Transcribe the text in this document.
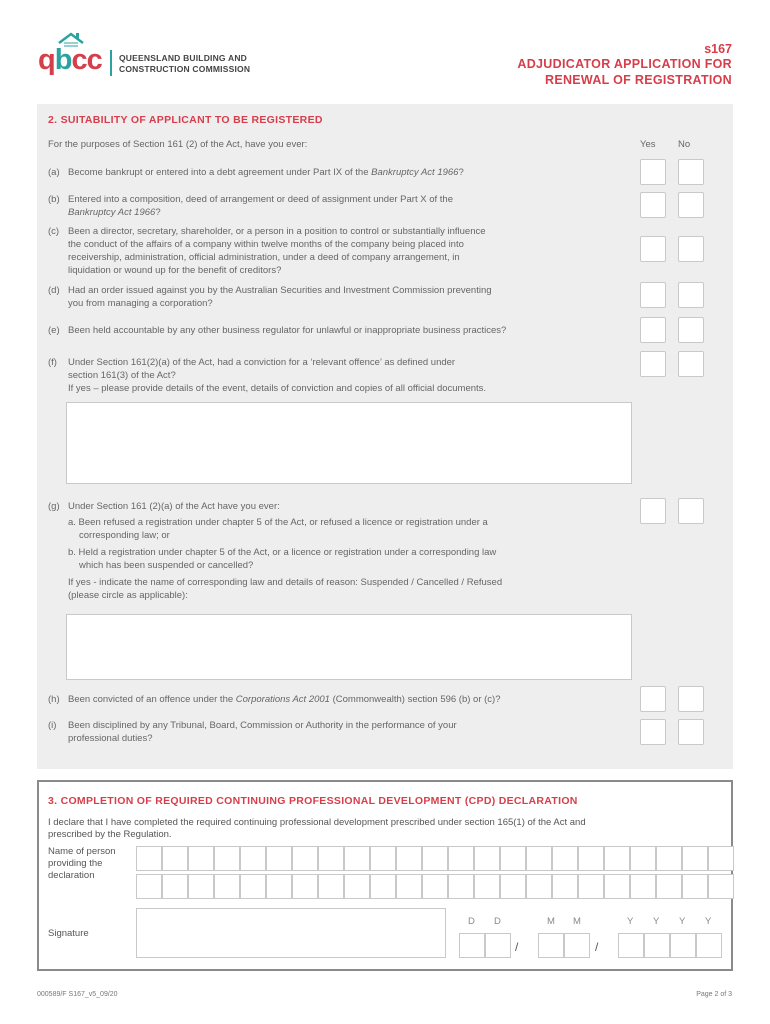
qbcc QUEENSLAND BUILDING AND
CONSTRUCTION COMMISSION
s167
ADJUDICATOR APPLICATION FOR
RENEWAL OF REGISTRATION
2. SUITABILITY OF APPLICANT TO BE REGISTERED
For the purposes of Section 161 (2) of the Act, have you ever:	Yes No
(a) Become bankrupt or entered into a debt agreement under Part IX of the Bankruptcy Act 1966?
(b) Entered into a composition, deed of arrangement or deed of assignment under Part X of the
Bankruptcy Act 1966?
(c) Been a director, secretary, shareholder, or a person in a position to control or substantially influence
the conduct of the affairs of a company within twelve months of the company being placed into
receivership, administration, official administration, under a deed of company arrangement, in
liquidation or wound up for the benefit of creditors?
(d) Had an order issued against you by the Australian Securities and Investment Commission preventing
you from managing a corporation?
(e) Been held accountable by any other business regulator for unlawful or inappropriate business practices?
(f) Under Section 161(2)(a) of the Act, had a conviction for a ‘relevant offence’ as defined under
section 161(3) of the Act?
If yes – please provide details of the event, details of conviction and copies of all official documents.
(g) Under Section 161 (2)(a) of the Act have you ever:
a. Been refused a registration under chapter 5 of the Act, or refused a licence or registration under a
corresponding law; or
b. Held a registration under chapter 5 of the Act, or a licence or registration under a corresponding law
which has been suspended or cancelled?
If yes - indicate the name of corresponding law and details of reason: Suspended / Cancelled / Refused
(please circle as applicable):
(h) Been convicted of an offence under the Corporations Act 2001 (Commonwealth) section 596 (b) or (c)?
(i) Been disciplined by any Tribunal, Board, Commission or Authority in the performance of your
professional duties?
3. COMPLETION OF REQUIRED CONTINUING PROFESSIONAL DEVELOPMENT (CPD) DECLARATION
I declare that I have completed the required continuing professional development prescribed under section 165(1) of the Act and
prescribed by the Regulation.
Name of person
providing the
declaration
Signature
D D	M M	Y Y Y Y
/	/
000589/F S167_v5_09/20	Page 2 of 3
